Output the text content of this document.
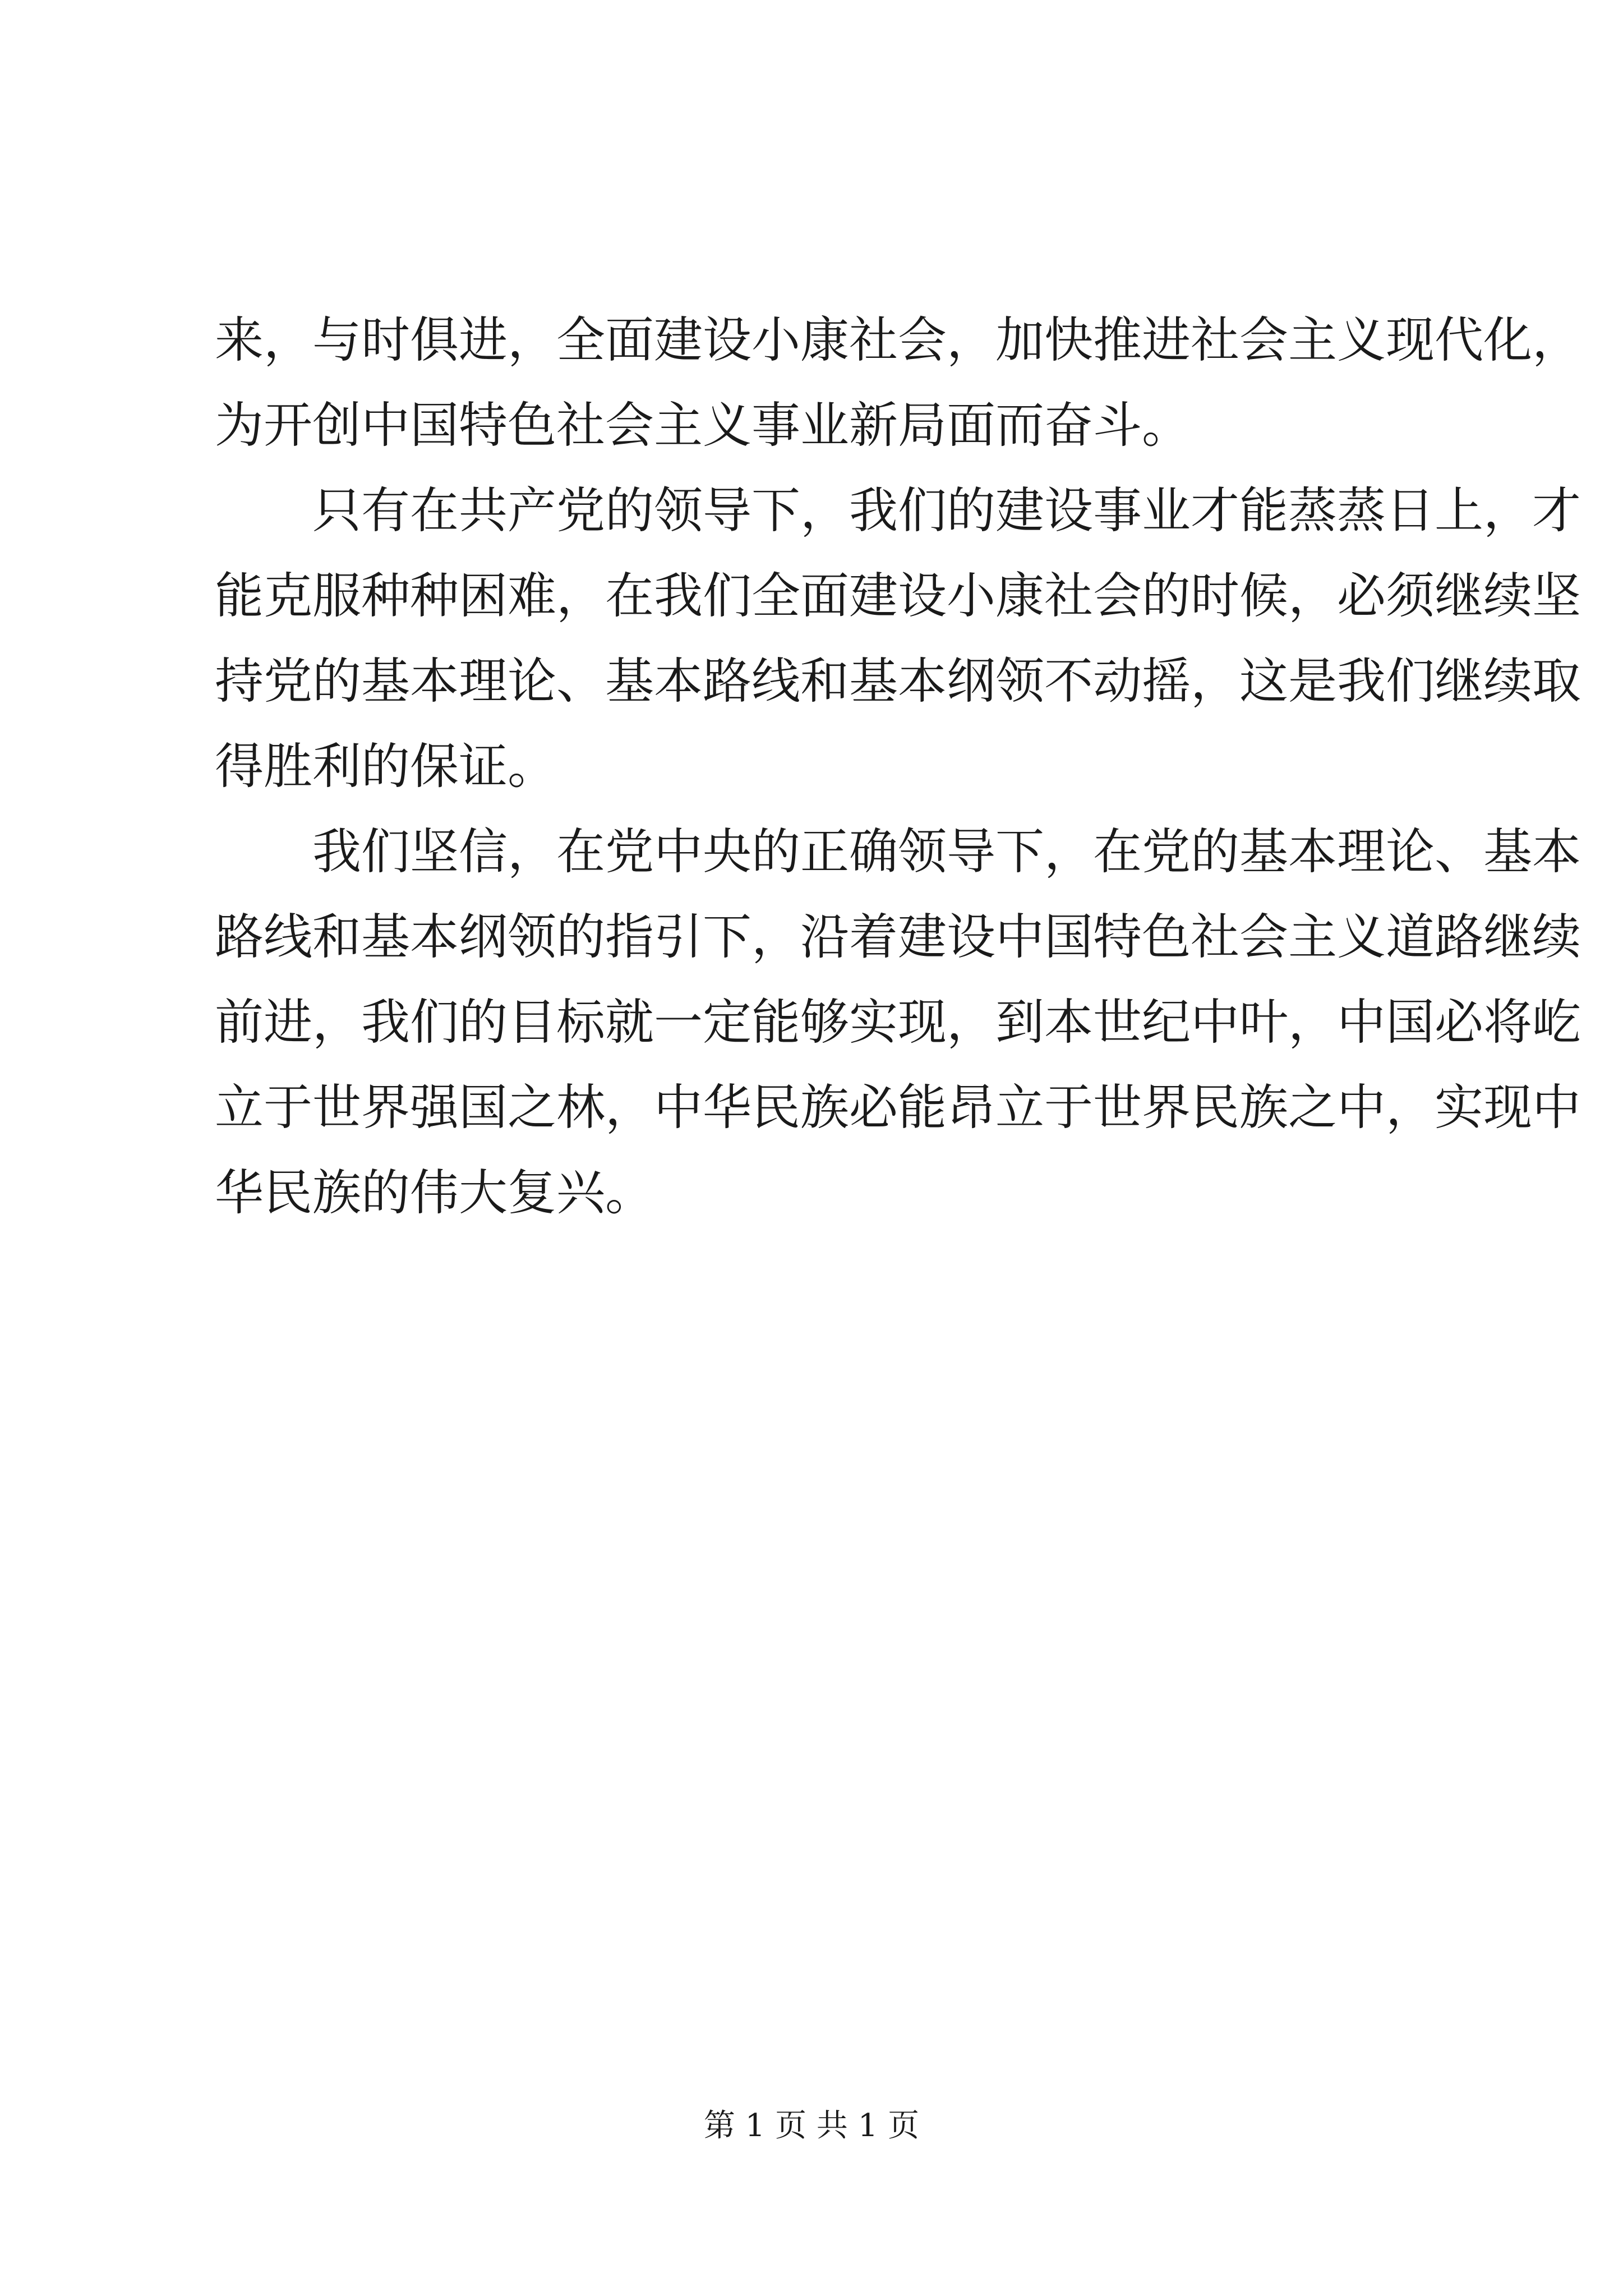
来，与时俱进，全面建设小康社会，加快推进社会主义现代化，
为开创中国特色社会主义事业新局面而奋斗。
只有在共产党的领导下，我们的建设事业才能蒸蒸日上，才
能克服种种困难，在我们全面建设小康社会的时候，必须继续坚
持党的基本理论、基本路线和基本纲领不动摇，这是我们继续取
得胜利的保证。
我们坚信，在党中央的正确领导下，在党的基本理论、基本
路线和基本纲领的指引下，沿着建设中国特色社会主义道路继续
前进，我们的目标就一定能够实现，到本世纪中叶，中国必将屹
立于世界强国之林，中华民族必能昂立于世界民族之中，实现中
华民族的伟大复兴。
第 1 页 共 1 页
